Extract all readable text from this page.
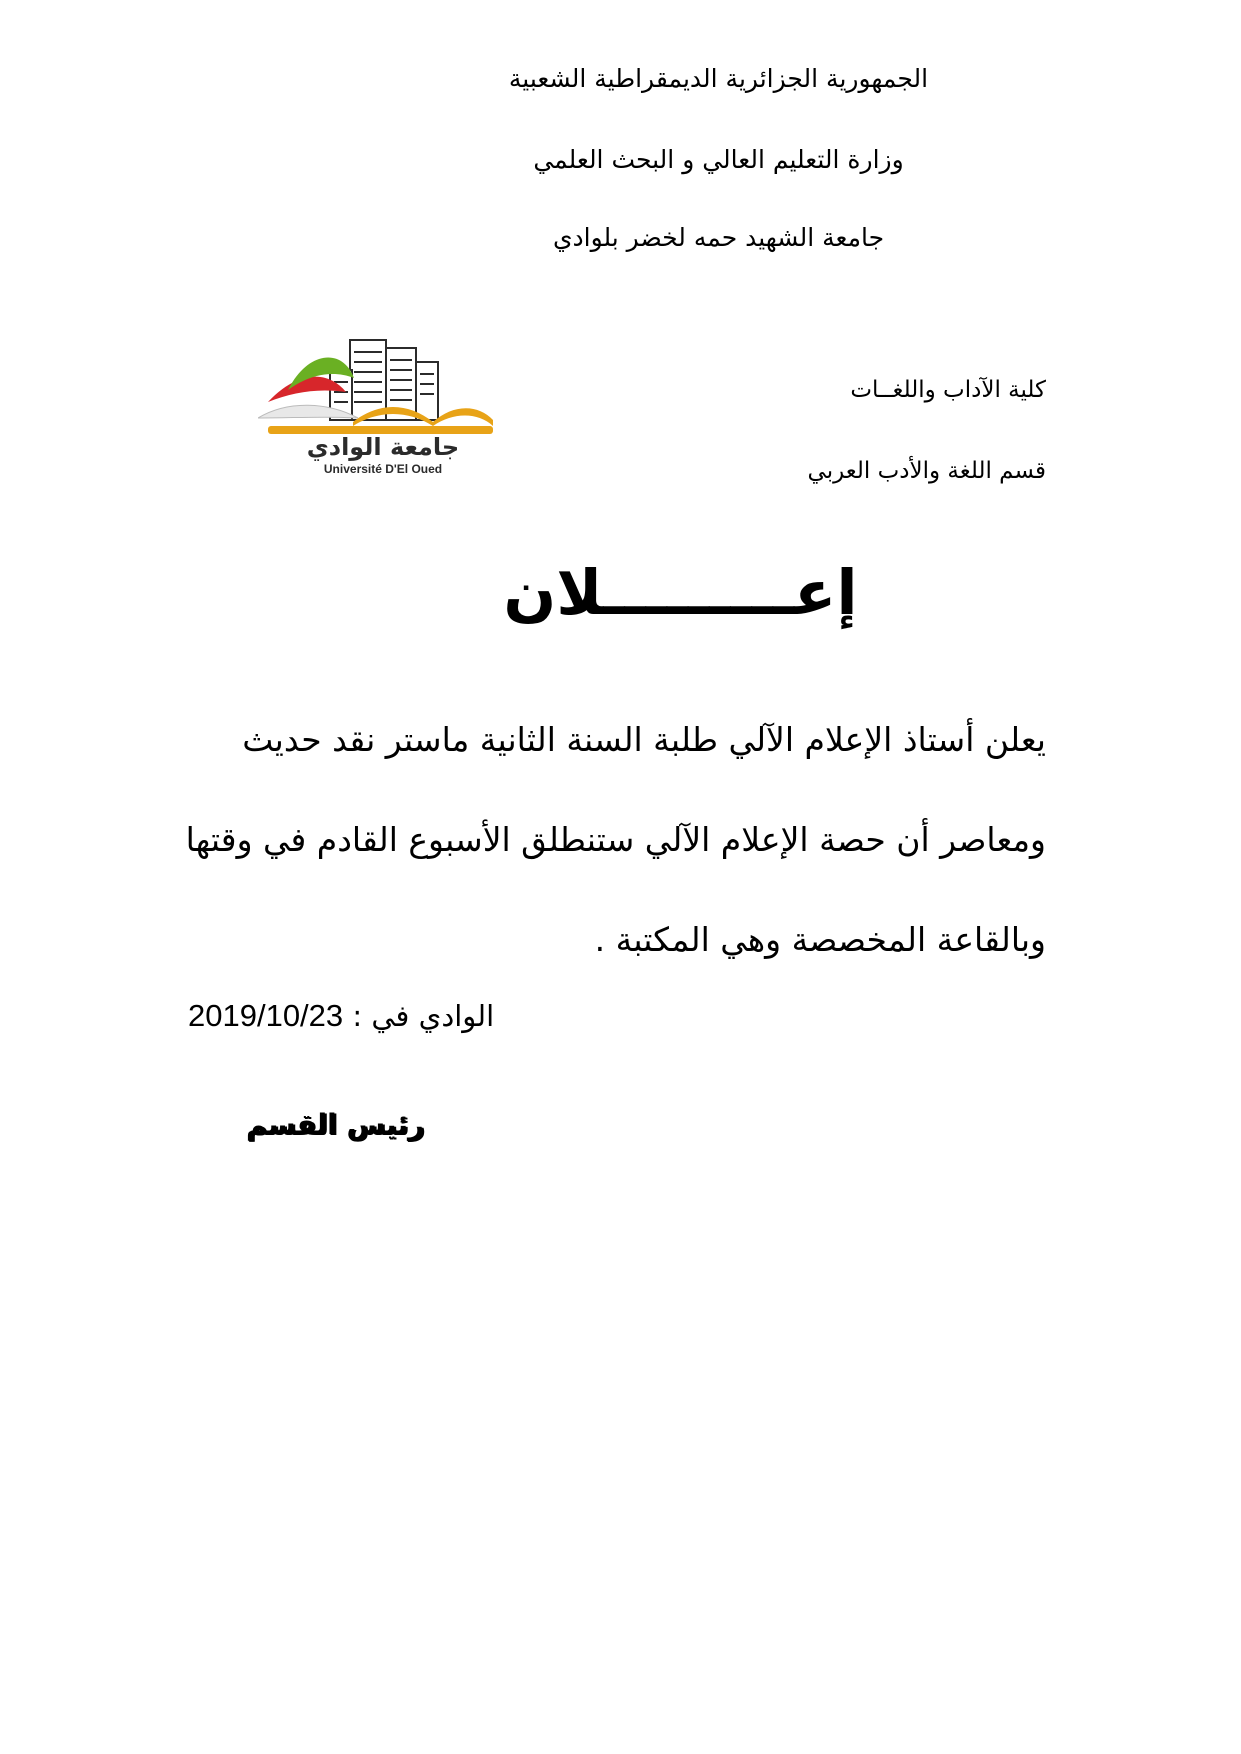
الجمهورية الجزائرية الديمقراطية الشعبية
وزارة التعليم العالي و البحث العلمي
جامعة الشهيد حمه لخضر بلوادي
كلية الآداب واللغــات
قسم اللغة والأدب العربي
جامعة الوادي
Université D'El Oued
إعـــــــــلان
يعلن أستاذ الإعلام الآلي طلبة السنة الثانية ماستر نقد حديث
ومعاصر أن حصة الإعلام الآلي ستنطلق الأسبوع القادم في وقتها
وبالقاعة المخصصة وهي المكتبة .
2019/10/23 الوادي في :
رئيس القسم
